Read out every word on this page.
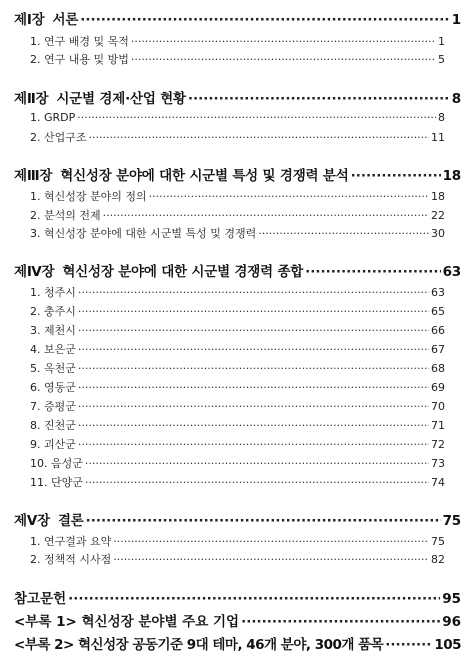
제Ⅰ장 서론 ·····	1
1. 연구 배경 및 목적 ·····	1
2. 연구 내용 및 방법 ·····	5
제Ⅱ장 시군별 경제·산업 현황 ·····	8
1. GRDP ·····	8
2. 산업구조 ·····	11
제Ⅲ장 혁신성장 분야에 대한 시군별 특성 및 경쟁력 분석 ·····	18
1. 혁신성장 분야의 정의 ·····	18
2. 분석의 전제 ·····	22
3. 혁신성장 분야에 대한 시군별 특성 및 경쟁력 ·····	30
제Ⅳ장 혁신성장 분야에 대한 시군별 경쟁력 종합 ·····	63
1. 청주시 ·····	63
2. 충주시 ·····	65
3. 제천시 ·····	66
4. 보은군 ·····	67
5. 옥천군 ·····	68
6. 영동군 ·····	69
7. 증평군 ·····	70
8. 진천군 ·····	71
9. 괴산군 ·····	72
10. 음성군 ·····	73
11. 단양군 ·····	74
제Ⅴ장 결론 ·····	75
1. 연구결과 요약 ·····	75
2. 정책적 시사점 ·····	82
참고문헌 ·····	95
<부록 1> 혁신성장 분야별 주요 기업 ·····	96
<부록 2> 혁신성장 공동기준 9대 테마, 46개 분야, 300개 품목 ·····	105
